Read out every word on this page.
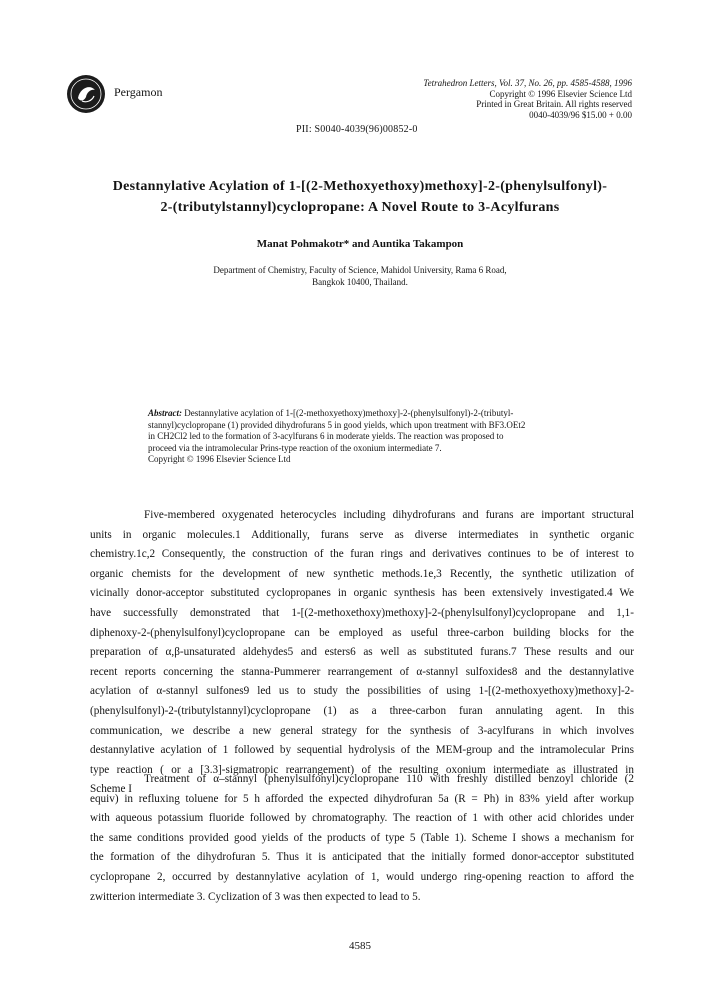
Pergamon
Tetrahedron Letters, Vol. 37, No. 26, pp. 4585-4588, 1996
Copyright © 1996 Elsevier Science Ltd
Printed in Great Britain. All rights reserved
0040-4039/96 $15.00 + 0.00
PII: S0040-4039(96)00852-0
Destannylative Acylation of 1-[(2-Methoxyethoxy)methoxy]-2-(phenylsulfonyl)-
2-(tributylstannyl)cyclopropane: A Novel Route to 3-Acylfurans
Manat Pohmakotr* and Auntika Takampon
Department of Chemistry, Faculty of Science, Mahidol University, Rama 6 Road,
Bangkok 10400, Thailand.
Abstract: Destannylative acylation of 1-[(2-methoxyethoxy)methoxy]-2-(phenylsulfonyl)-2-(tributyl-
stannyl)cyclopropane (1) provided dihydrofurans 5 in good yields, which upon treatment with BF3.OEt2
in CH2Cl2 led to the formation of 3-acylfurans 6 in moderate yields. The reaction was proposed to
proceed via the intramolecular Prins-type reaction of the oxonium intermediate 7.
Copyright © 1996 Elsevier Science Ltd
Five-membered oxygenated heterocycles including dihydrofurans and furans are important structural
units in organic molecules.1 Additionally, furans serve as diverse intermediates in synthetic organic
chemistry.1c,2 Consequently, the construction of the furan rings and derivatives continues to be of interest to
organic chemists for the development of new synthetic methods.1e,3 Recently, the synthetic utilization of
vicinally donor-acceptor substituted cyclopropanes in organic synthesis has been extensively investigated.4 We
have successfully demonstrated that 1-[(2-methoxethoxy)methoxy]-2-(phenylsulfonyl)cyclopropane and 1,1-
diphenoxy-2-(phenylsulfonyl)cyclopropane can be employed as useful three-carbon building blocks for the
preparation of α,β-unsaturated aldehydes5 and esters6 as well as substituted furans.7 These results and our
recent reports concerning the stanna-Pummerer rearrangement of α-stannyl sulfoxides8 and the destannylative
acylation of α-stannyl sulfones9 led us to study the possibilities of using 1-[(2-methoxyethoxy)methoxy]-2-
(phenylsulfonyl)-2-(tributylstannyl)cyclopropane (1) as a three-carbon furan annulating agent. In this
communication, we describe a new general strategy for the synthesis of 3-acylfurans in which involves
destannylative acylation of 1 followed by sequential hydrolysis of the MEM-group and the intramolecular Prins
type reaction ( or a [3.3]-sigmatropic rearrangement) of the resulting oxonium intermediate as illustrated in
Scheme I
Treatment of α–stannyl (phenylsulfonyl)cyclopropane 110 with freshly distilled benzoyl chloride (2
equiv) in refluxing toluene for 5 h afforded the expected dihydrofuran 5a (R = Ph) in 83% yield after workup
with aqueous potassium fluoride followed by chromatography. The reaction of 1 with other acid chlorides under
the same conditions provided good yields of the products of type 5 (Table 1). Scheme I shows a mechanism for
the formation of the dihydrofuran 5. Thus it is anticipated that the initially formed donor-acceptor substituted
cyclopropane 2, occurred by destannylative acylation of 1, would undergo ring-opening reaction to afford the
zwitterion intermediate 3. Cyclization of 3 was then expected to lead to 5.
4585
